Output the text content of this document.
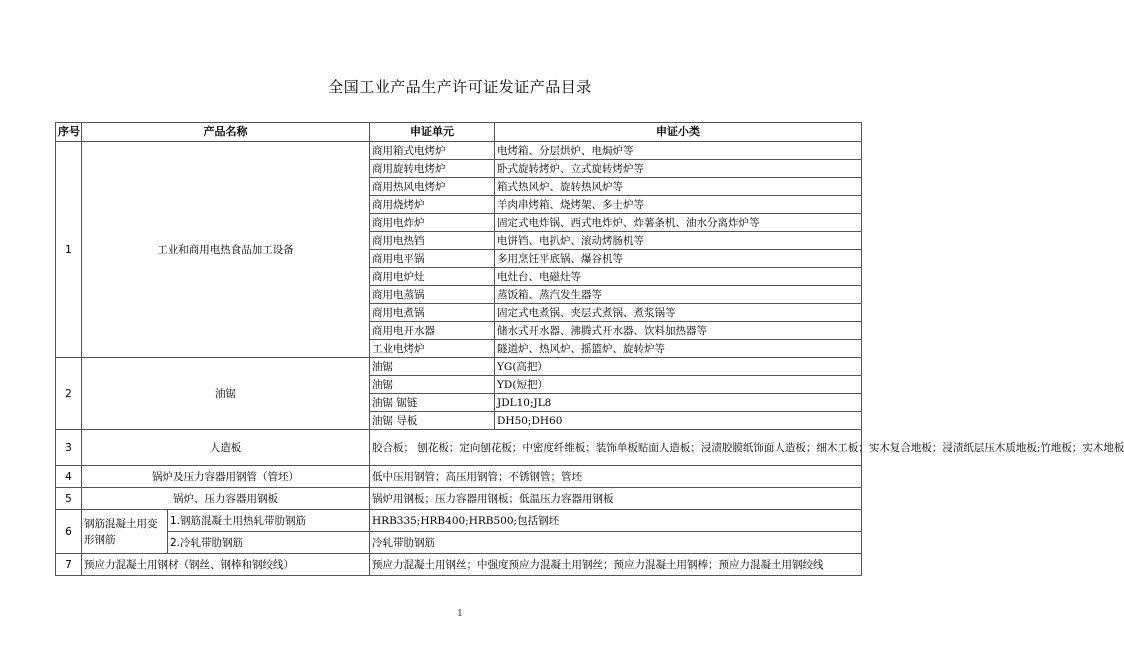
全国工业产品生产许可证发证产品目录
序号	产品名称		申证单元	申证小类
1	工业和商用电热食品加工设备		商用箱式电烤炉	电烤箱、分层烘炉、电焗炉等
			商用旋转电烤炉	卧式旋转烤炉、立式旋转烤炉等
			商用热风电烤炉	箱式热风炉、旋转热风炉等
			商用烧烤炉	羊肉串烤箱、烧烤架、多士炉等
			商用电炸炉	固定式电炸锅、西式电炸炉、炸薯条机、油水分离炸炉等
			商用电热铛	电饼铛、电扒炉、滚动烤肠机等
			商用电平锅	多用烹饪平底锅、爆谷机等
			商用电炉灶	电灶台、电磁灶等
			商用电蒸锅	蒸饭箱、蒸汽发生器等
			商用电煮锅	固定式电煮锅、夹层式煮锅、煮浆锅等
			商用电开水器	储水式开水器、沸腾式开水器、饮料加热器等
			工业电烤炉	隧道炉、热风炉、摇篮炉、旋转炉等
2	油锯		油锯	YG(高把）
			油锯	YD(短把）
			油锯 锯链	JDL10;JL8
			油锯 导板	DH50;DH60
3	人造板		胶合板； 刨花板；定向刨花板；中密度纤维板；装饰单板贴面人造板；浸渍胶膜纸饰面人造板；细木工板；实木复合地板；浸渍纸层压木质地板;竹地板；实木地板	
4	锅炉及压力容器用钢管（管坯）		低中压用钢管；高压用钢管；不锈钢管；管坯	
5	锅炉、压力容器用钢板		锅炉用钢板；压力容器用钢板；低温压力容器用钢板	
6	钢筋混凝土用变形钢筋	1.钢筋混凝土用热轧带肋钢筋	HRB335;HRB400;HRB500;包括钢坯	
		2.冷轧带肋钢筋	冷轧带肋钢筋	
7	预应力混凝土用钢材（钢丝、钢棒和钢绞线）		预应力混凝土用钢丝；中强度预应力混凝土用钢丝；预应力混凝土用钢棒；预应力混凝土用钢绞线	
1
